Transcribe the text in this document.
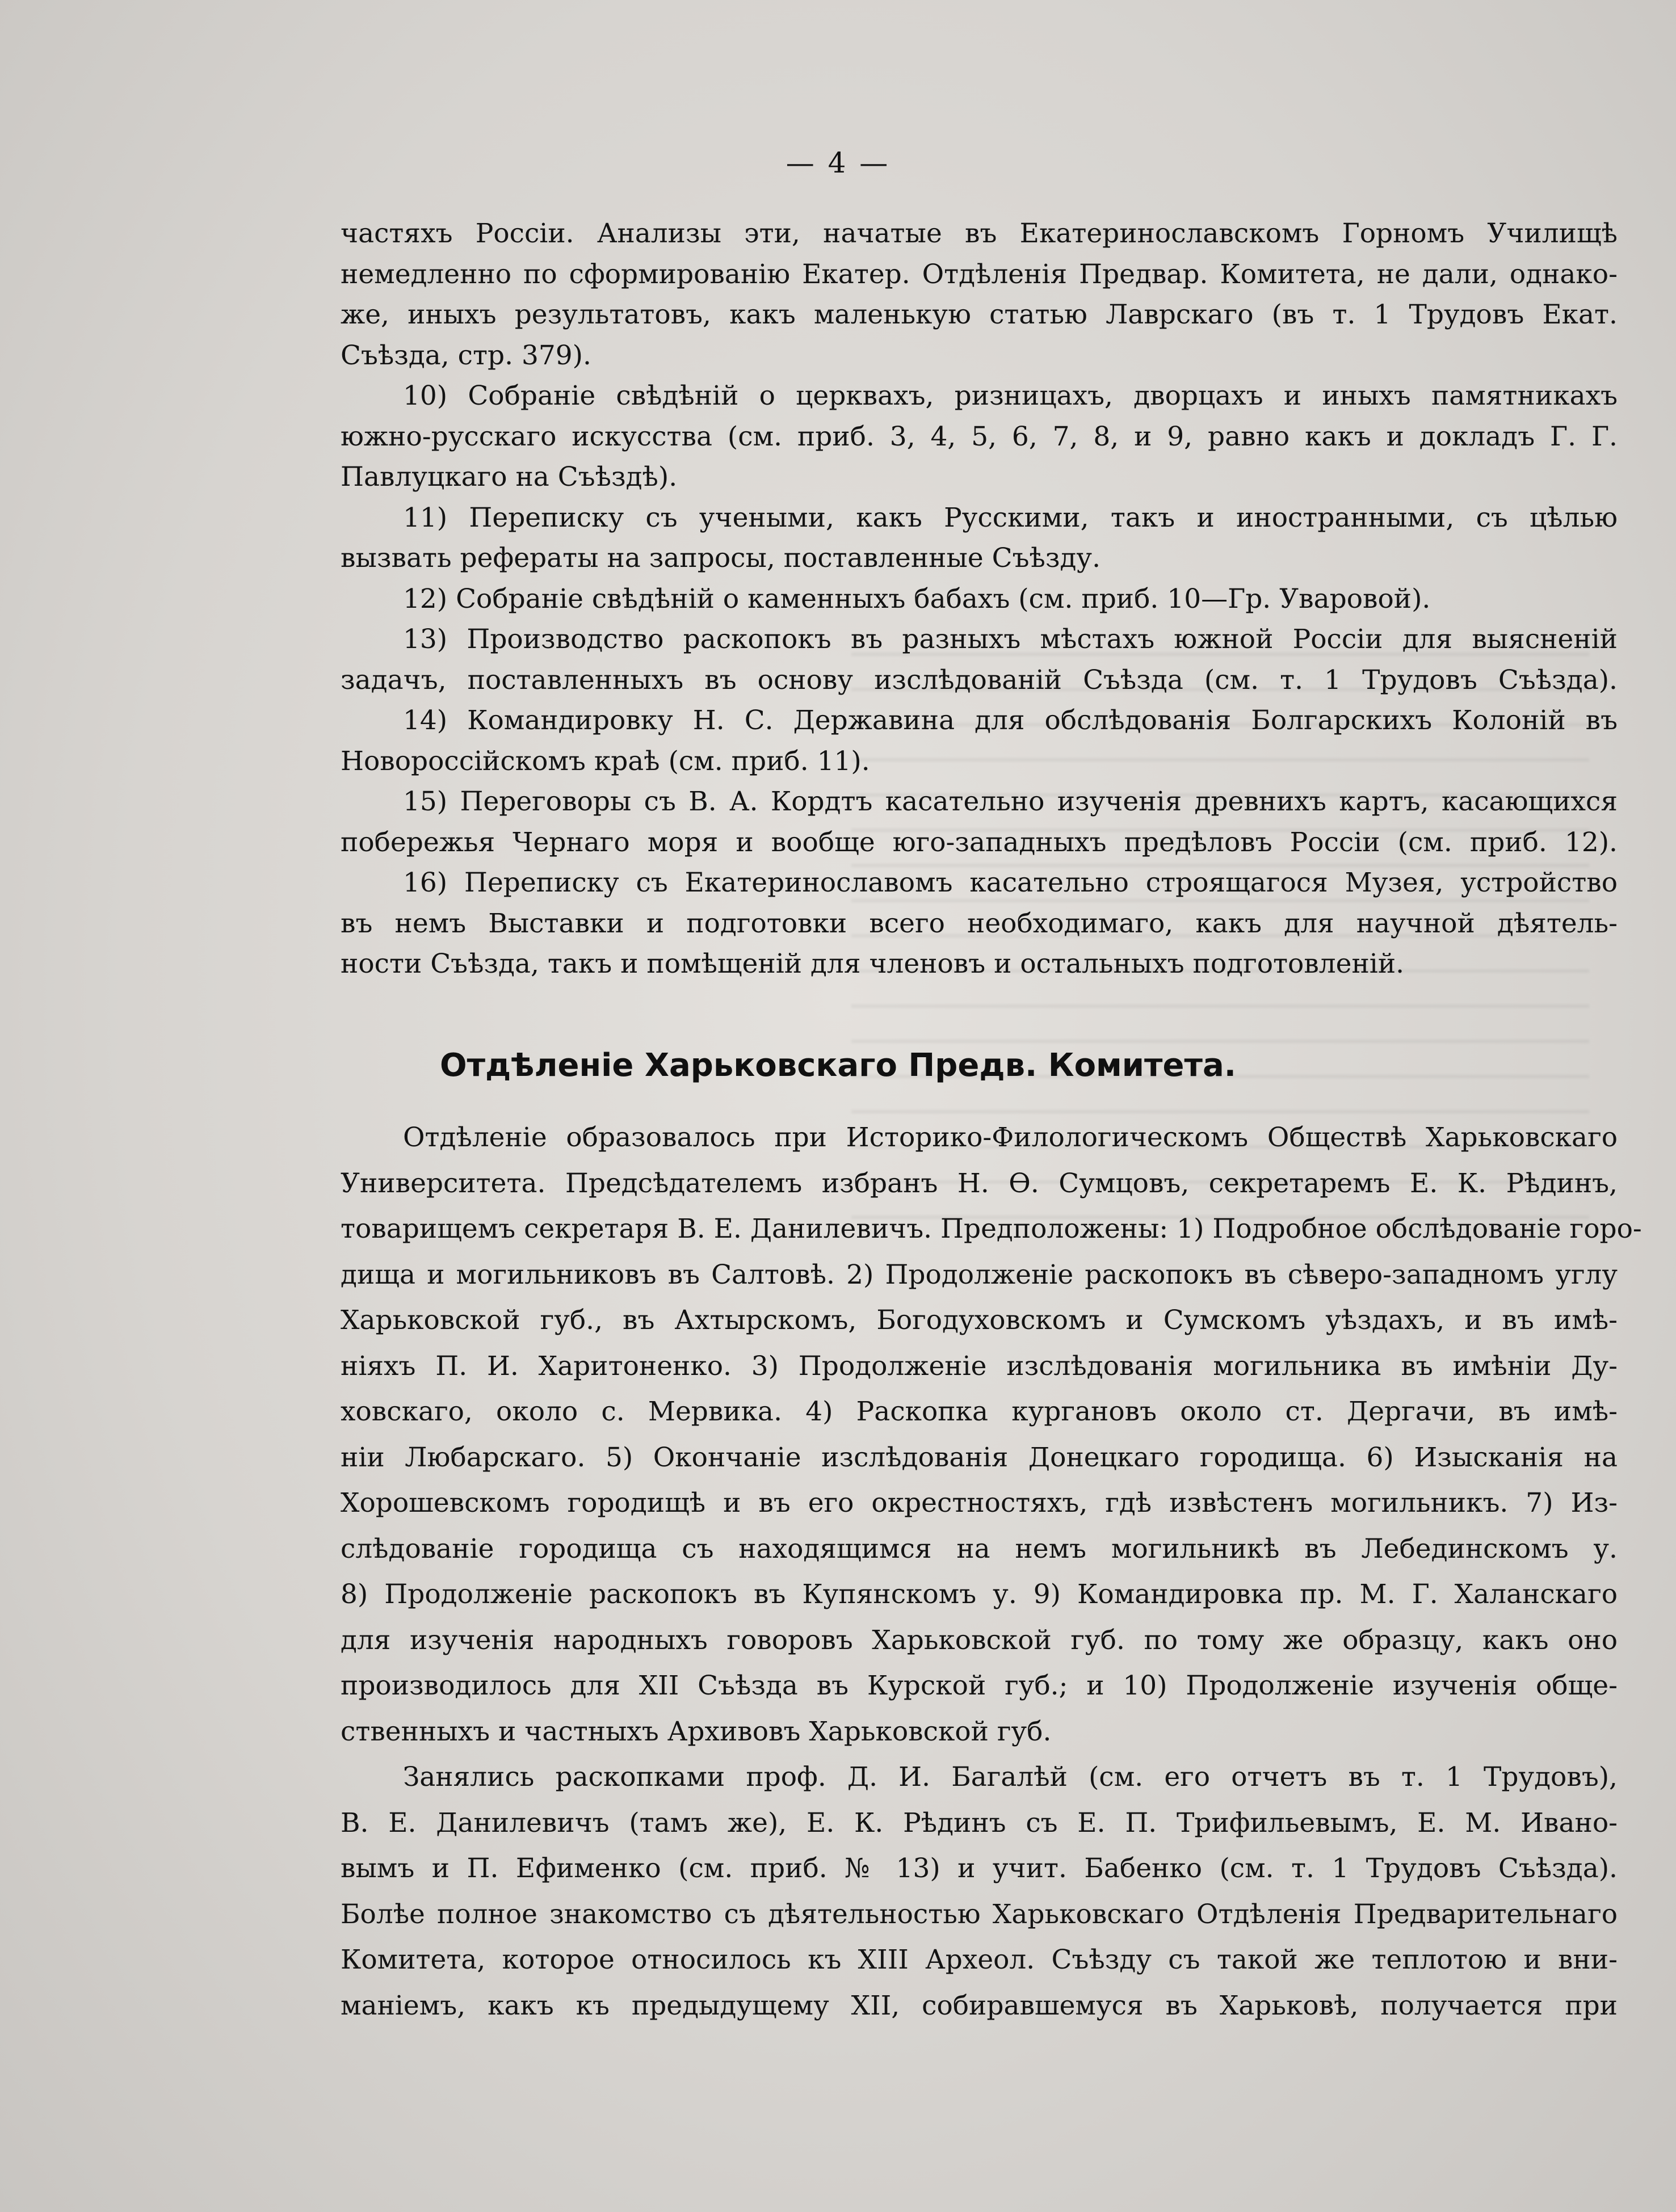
— 4 —
частяхъ Россіи. Анализы эти, начатые въ Екатеринославскомъ Горномъ Училищѣ
немедленно по сформированію Екатер. Отдѣленія Предвар. Комитета, не дали, однако-
же, иныхъ результатовъ, какъ маленькую статью Лаврскаго (въ т. 1 Трудовъ Екат.
Съѣзда, стр. 379).
10) Собраніе свѣдѣній о церквахъ, ризницахъ, дворцахъ и иныхъ памятникахъ
южно-русскаго искусства (см. приб. 3, 4, 5, 6, 7, 8, и 9, равно какъ и докладъ Г. Г.
Павлуцкаго на Съѣздѣ).
11) Переписку съ учеными, какъ Русскими, такъ и иностранными, съ цѣлью
вызвать рефераты на запросы, поставленные Съѣзду.
12) Собраніе свѣдѣній о каменныхъ бабахъ (см. приб. 10—Гр. Уваровой).
13) Производство раскопокъ въ разныхъ мѣстахъ южной Россіи для выясненій
задачъ, поставленныхъ въ основу изслѣдованій Съѣзда (см. т. 1 Трудовъ Съѣзда).
14) Командировку Н. С. Державина для обслѣдованія Болгарскихъ Колоній въ
Новороссійскомъ краѣ (см. приб. 11).
15) Переговоры съ В. А. Кордтъ касательно изученія древнихъ картъ, касающихся
побережья Чернаго моря и вообще юго-западныхъ предѣловъ Россіи (см. приб. 12).
16) Переписку съ Екатеринославомъ касательно строящагося Музея, устройство
въ немъ Выставки и подготовки всего необходимаго, какъ для научной дѣятель-
ности Съѣзда, такъ и помѣщеній для членовъ и остальныхъ подготовленій.
Отдѣленіе Харьковскаго Предв. Комитета.
Отдѣленіе образовалось при Историко-Филологическомъ Обществѣ Харьковскаго
Университета. Предсѣдателемъ избранъ Н. Ѳ. Сумцовъ, секретаремъ Е. К. Рѣдинъ,
товарищемъ секретаря В. Е. Данилевичъ. Предположены: 1) Подробное обслѣдованіе горо-
дища и могильниковъ въ Салтовѣ. 2) Продолженіе раскопокъ въ сѣверо-западномъ углу
Харьковской губ., въ Ахтырскомъ, Богодуховскомъ и Сумскомъ уѣздахъ, и въ имѣ-
ніяхъ П. И. Харитоненко. 3) Продолженіе изслѣдованія могильника въ имѣніи Ду-
ховскаго, около с. Мервика. 4) Раскопка кургановъ около ст. Дергачи, въ имѣ-
ніи Любарскаго. 5) Окончаніе изслѣдованія Донецкаго городища. 6) Изысканія на
Хорошевскомъ городищѣ и въ его окрестностяхъ, гдѣ извѣстенъ могильникъ. 7) Из-
слѣдованіе городища съ находящимся на немъ могильникѣ въ Лебединскомъ у.
8) Продолженіе раскопокъ въ Купянскомъ у. 9) Командировка пр. М. Г. Халанскаго
для изученія народныхъ говоровъ Харьковской губ. по тому же образцу, какъ оно
производилось для XII Съѣзда въ Курской губ.; и 10) Продолженіе изученія обще-
ственныхъ и частныхъ Архивовъ Харьковской губ.
Занялись раскопками проф. Д. И. Багалѣй (см. его отчетъ въ т. 1 Трудовъ),
В. Е. Данилевичъ (тамъ же), Е. К. Рѣдинъ съ Е. П. Трифильевымъ, Е. М. Ивано-
вымъ и П. Ефименко (см. приб. № 13) и учит. Бабенко (см. т. 1 Трудовъ Съѣзда).
Болѣе полное знакомство съ дѣятельностью Харьковскаго Отдѣленія Предварительнаго
Комитета, которое относилось къ XIII Археол. Съѣзду съ такой же теплотою и вни-
маніемъ, какъ къ предыдущему XII, собиравшемуся въ Харьковѣ, получается при
